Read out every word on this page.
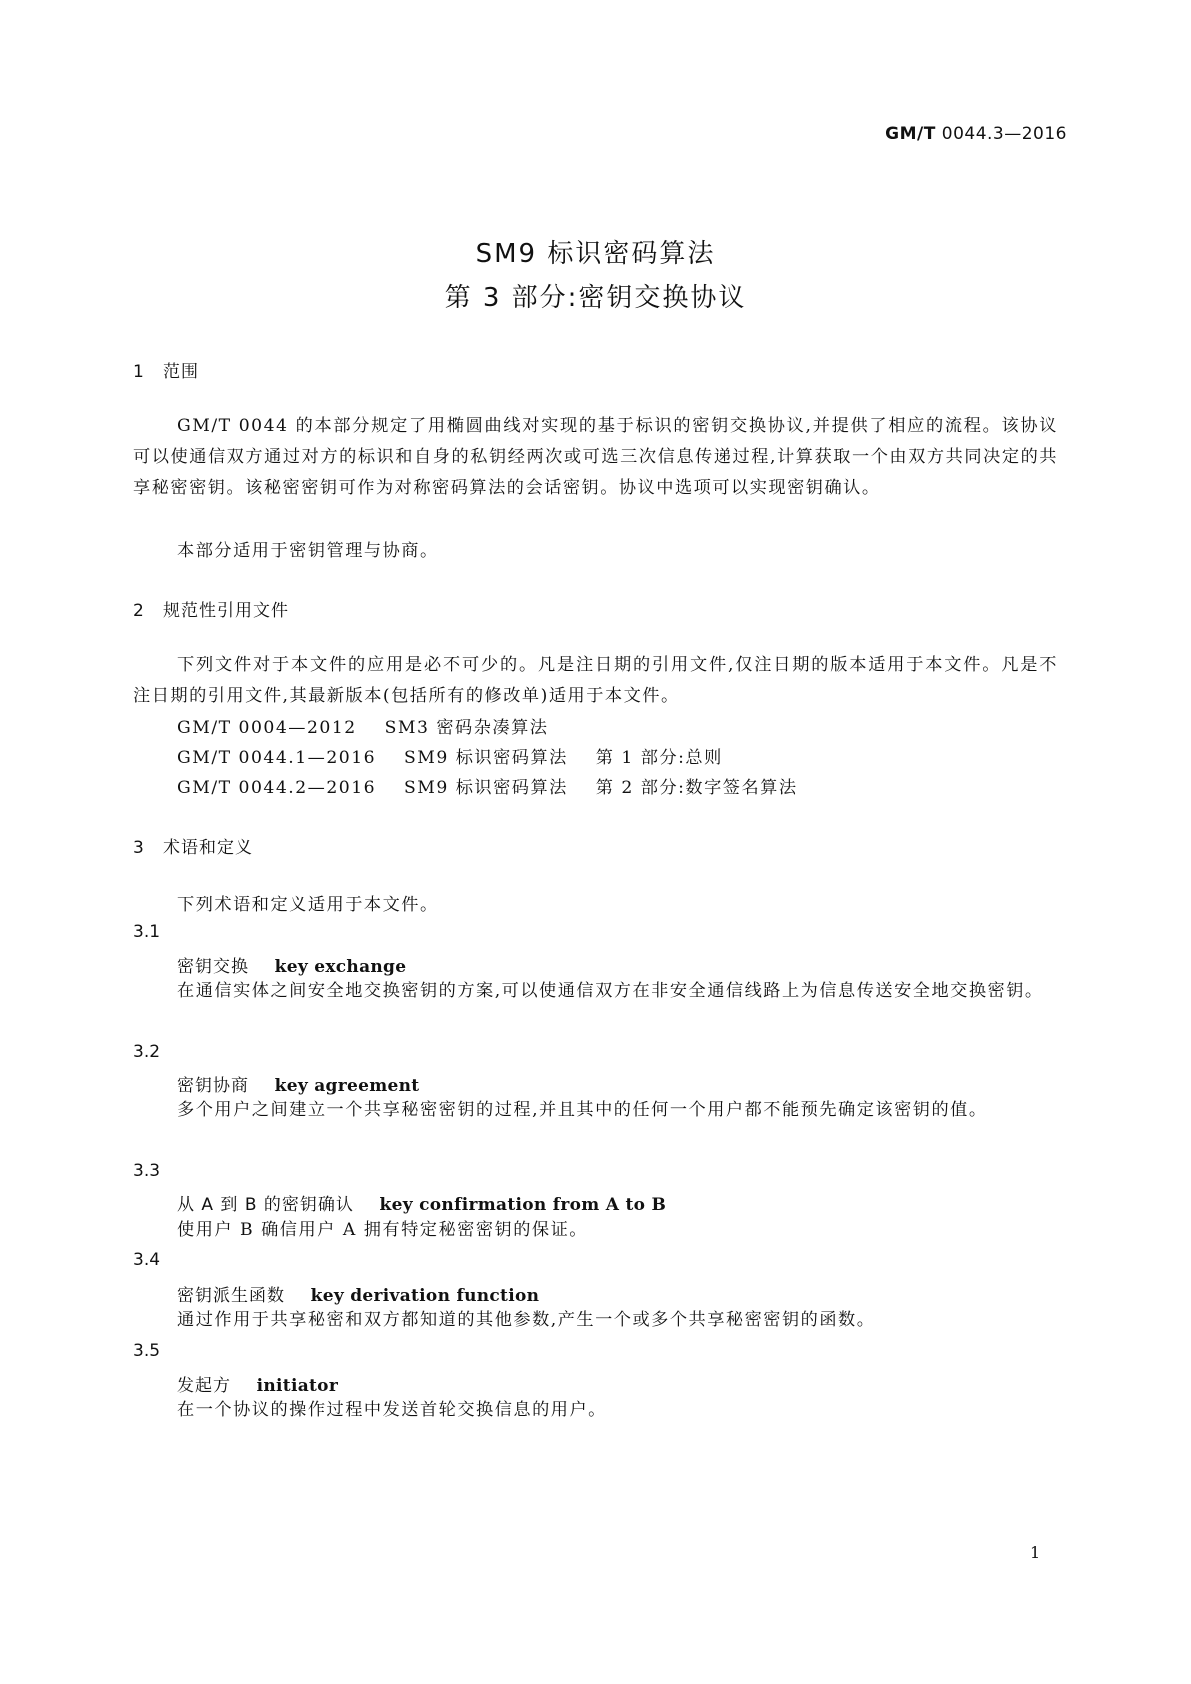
GM/T 0044.3—2016
SM9 标识密码算法
第 3 部分:密钥交换协议
1 范围
GM/T 0044 的本部分规定了用椭圆曲线对实现的基于标识的密钥交换协议,并提供了相应的流程。该协议可以使通信双方通过对方的标识和自身的私钥经两次或可选三次信息传递过程,计算获取一个由双方共同决定的共享秘密密钥。该秘密密钥可作为对称密码算法的会话密钥。协议中选项可以实现密钥确认。
本部分适用于密钥管理与协商。
2 规范性引用文件
下列文件对于本文件的应用是必不可少的。凡是注日期的引用文件,仅注日期的版本适用于本文件。凡是不注日期的引用文件,其最新版本(包括所有的修改单)适用于本文件。
GM/T 0004—2012    SM3 密码杂凑算法
GM/T 0044.1—2016    SM9 标识密码算法    第 1 部分:总则
GM/T 0044.2—2016    SM9 标识密码算法    第 2 部分:数字签名算法
3 术语和定义
下列术语和定义适用于本文件。
3.1
密钥交换 key exchange
在通信实体之间安全地交换密钥的方案,可以使通信双方在非安全通信线路上为信息传送安全地交换密钥。
3.2
密钥协商 key agreement
多个用户之间建立一个共享秘密密钥的过程,并且其中的任何一个用户都不能预先确定该密钥的值。
3.3
从 A 到 B 的密钥确认 key confirmation from A to B
使用户 B 确信用户 A 拥有特定秘密密钥的保证。
3.4
密钥派生函数 key derivation function
通过作用于共享秘密和双方都知道的其他参数,产生一个或多个共享秘密密钥的函数。
3.5
发起方 initiator
在一个协议的操作过程中发送首轮交换信息的用户。
1
